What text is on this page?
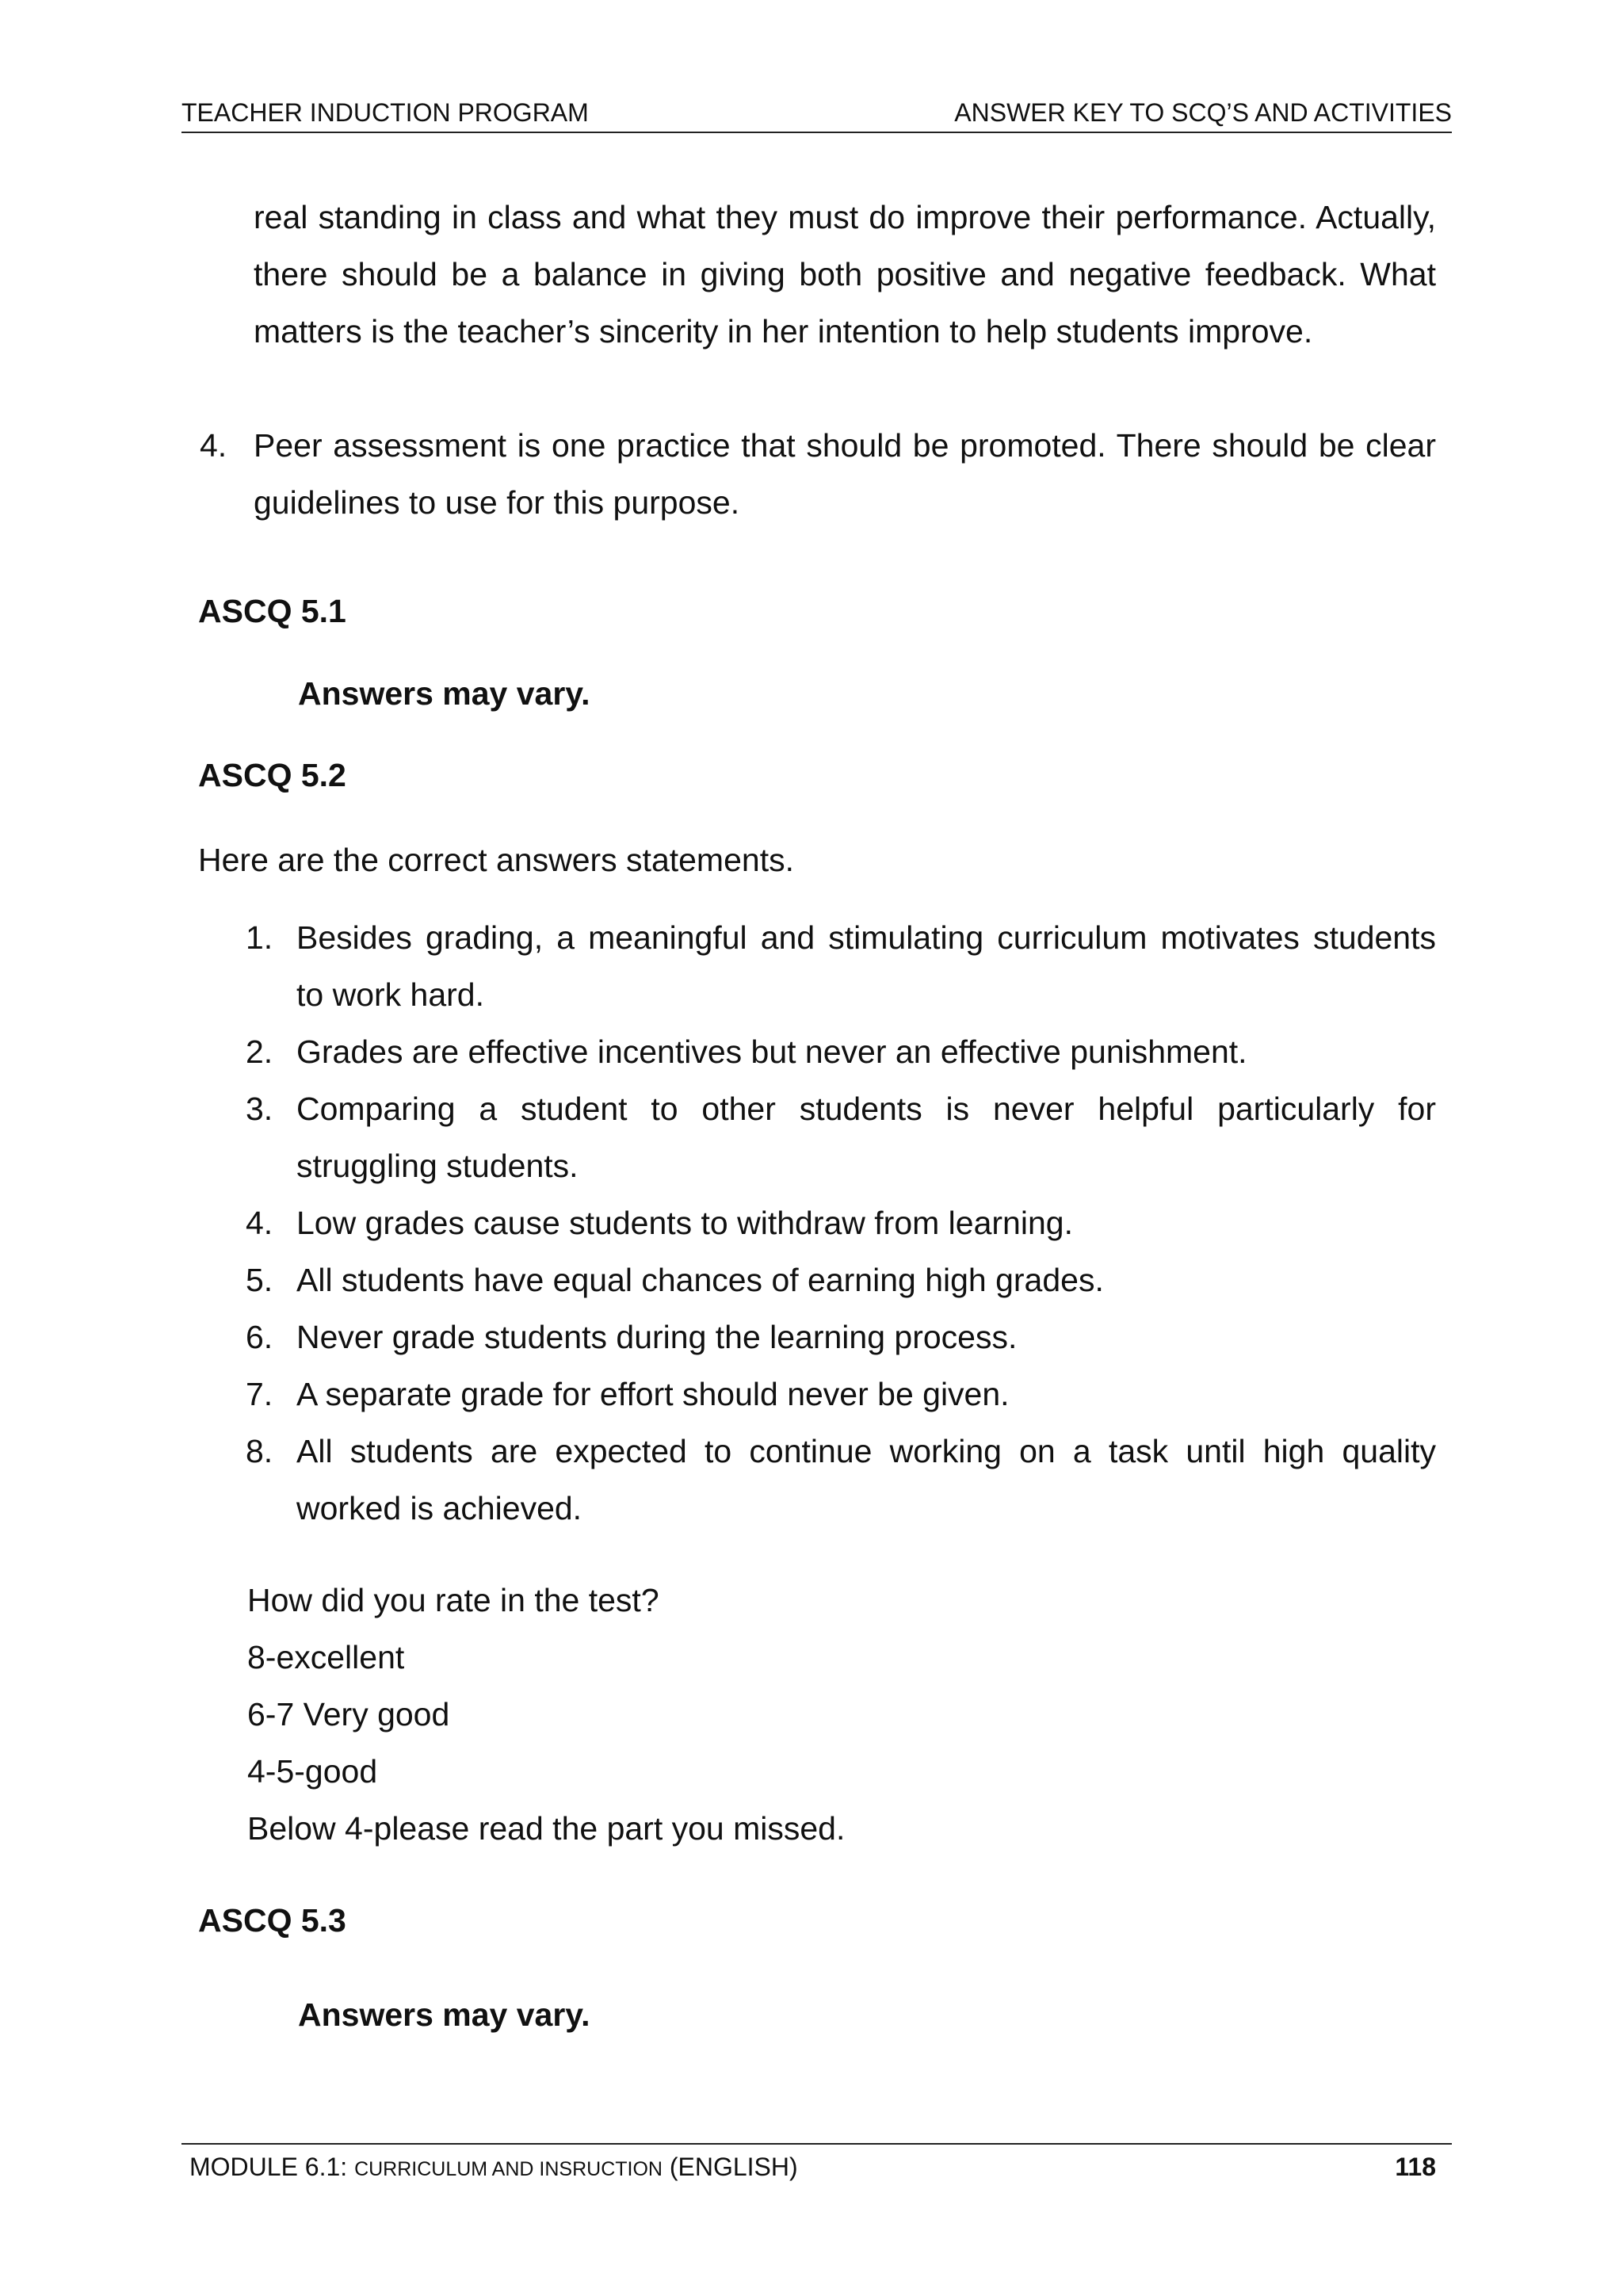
TEACHER INDUCTION PROGRAM	ANSWER KEY TO SCQ’S AND ACTIVITIES
real standing in class and what they must do improve their performance. Actually, there should be a balance in giving both positive and negative feedback. What matters is the teacher’s sincerity in her intention to help students improve.
4. Peer assessment is one practice that should be promoted. There should be clear guidelines to use for this purpose.
ASCQ 5.1
Answers may vary.
ASCQ 5.2
Here are the correct answers statements.
1. Besides grading, a meaningful and stimulating curriculum motivates students to work hard.
2. Grades are effective incentives but never an effective punishment.
3. Comparing a student to other students is never helpful particularly for struggling students.
4. Low grades cause students to withdraw from learning.
5. All students have equal chances of earning high grades.
6. Never grade students during the learning process.
7. A separate grade for effort should never be given.
8. All students are expected to continue working on a task until high quality worked is achieved.
How did you rate in the test?
8-excellent
6-7 Very good
4-5-good
Below 4-please read the part you missed.
ASCQ 5.3
Answers may vary.
MODULE 6.1: CURRICULUM AND INSRUCTION (ENGLISH)	118
